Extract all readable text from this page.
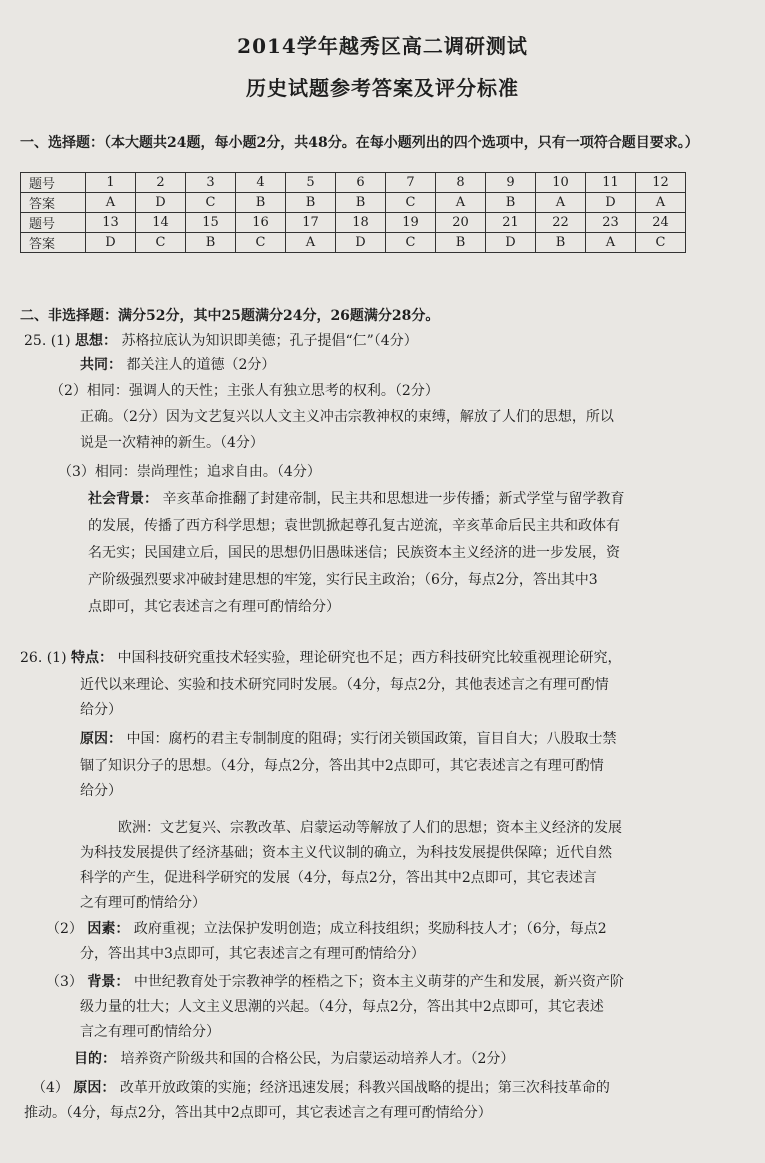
2014学年越秀区高二调研测试
历史试题参考答案及评分标准
一、选择题：（本大题共24题，每小题2分，共48分。在每小题列出的四个选项中，只有一项符合题目要求。）
题号	1	2	3	4	5	6	7	8	9	10	11	12
答案	A	D	C	B	B	B	C	A	B	A	D	A
题号	13	14	15	16	17	18	19	20	21	22	23	24
答案	D	C	B	C	A	D	C	B	D	B	A	C
二、非选择题：满分52分，其中25题满分24分，26题满分28分。
25. (1) 思想： 苏格拉底认为知识即美德；孔子提倡“仁”（4分）
共同： 都关注人的道德（2分）
（2）相同：强调人的天性；主张人有独立思考的权利。（2分）
正确。（2分）因为文艺复兴以人文主义冲击宗教神权的束缚，解放了人们的思想，所以
说是一次精神的新生。（4分）
（3）相同：崇尚理性；追求自由。（4分）
社会背景： 辛亥革命推翻了封建帝制，民主共和思想进一步传播；新式学堂与留学教育
的发展，传播了西方科学思想；袁世凯掀起尊孔复古逆流，辛亥革命后民主共和政体有
名无实；民国建立后，国民的思想仍旧愚昧迷信；民族资本主义经济的进一步发展，资
产阶级强烈要求冲破封建思想的牢笼，实行民主政治；（6分，每点2分，答出其中3
点即可，其它表述言之有理可酌情给分）
26. (1) 特点： 中国科技研究重技术轻实验，理论研究也不足；西方科技研究比较重视理论研究，
近代以来理论、实验和技术研究同时发展。（4分，每点2分，其他表述言之有理可酌情
给分）
原因： 中国：腐朽的君主专制制度的阻碍；实行闭关锁国政策，盲目自大；八股取士禁
锢了知识分子的思想。（4分，每点2分，答出其中2点即可，其它表述言之有理可酌情
给分）
欧洲：文艺复兴、宗教改革、启蒙运动等解放了人们的思想；资本主义经济的发展
为科技发展提供了经济基础；资本主义代议制的确立，为科技发展提供保障；近代自然
科学的产生，促进科学研究的发展（4分，每点2分，答出其中2点即可，其它表述言
之有理可酌情给分）
（2） 因素： 政府重视；立法保护发明创造；成立科技组织；奖励科技人才；（6分，每点2
分，答出其中3点即可，其它表述言之有理可酌情给分）
（3） 背景： 中世纪教育处于宗教神学的桎梏之下；资本主义萌芽的产生和发展，新兴资产阶
级力量的壮大；人文主义思潮的兴起。（4分，每点2分，答出其中2点即可，其它表述
言之有理可酌情给分）
目的： 培养资产阶级共和国的合格公民，为启蒙运动培养人才。（2分）
（4） 原因： 改革开放政策的实施；经济迅速发展；科教兴国战略的提出；第三次科技革命的
推动。（4分，每点2分，答出其中2点即可，其它表述言之有理可酌情给分）
